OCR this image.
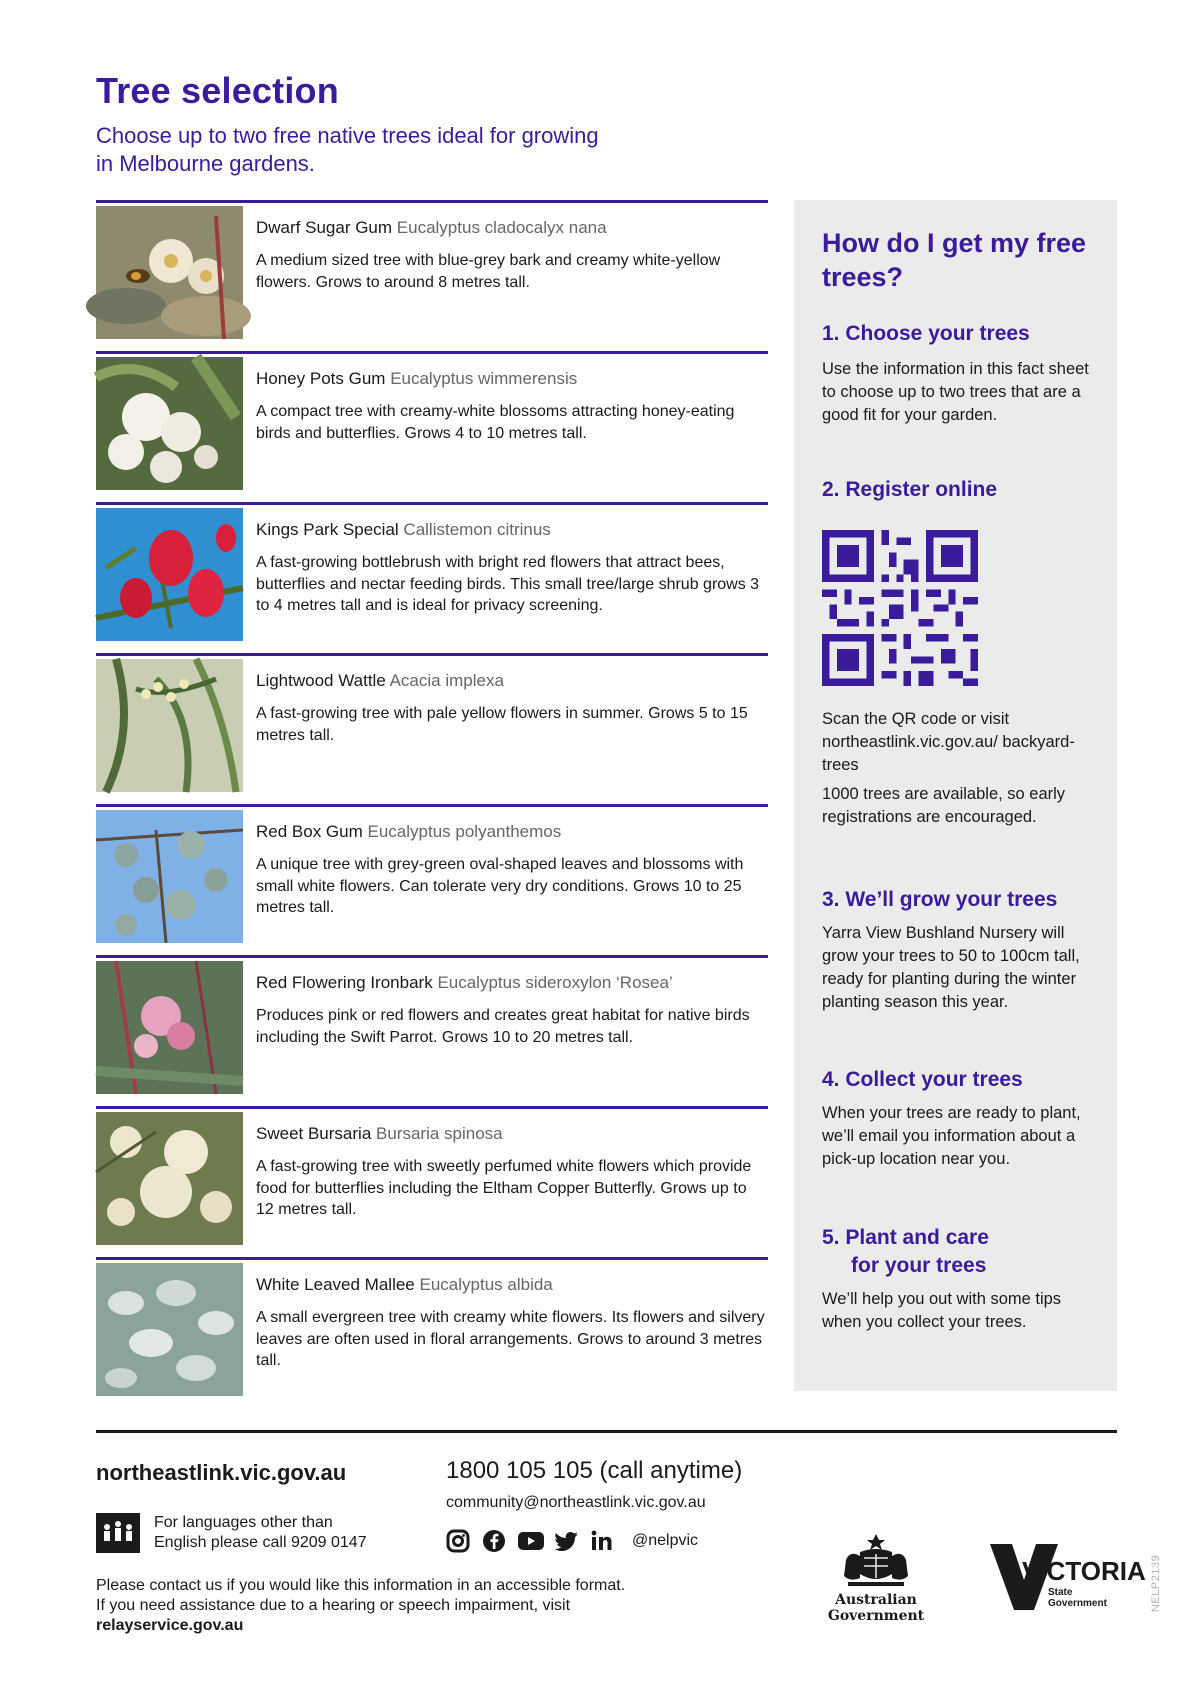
Tree selection

Choose up to two free native trees ideal for growing
in Melbourne gardens.

Dwarf Sugar Gum Eucalyptus cladocalyx nana

A medium sized tree with blue-grey bark and creamy white-yellow flowers. Grows to around 8 metres tall.

Honey Pots Gum Eucalyptus wimmerensis

A compact tree with creamy-white blossoms attracting honey-eating birds and butterflies. Grows 4 to 10 metres tall.

Kings Park Special Callistemon citrinus

A fast-growing bottlebrush with bright red flowers that attract bees, butterflies and nectar feeding birds. This small tree/large shrub grows 3 to 4 metres tall and is ideal for privacy screening.

Lightwood Wattle Acacia implexa

A fast-growing tree with pale yellow flowers in summer. Grows 5 to 15 metres tall.

Red Box Gum Eucalyptus polyanthemos

A unique tree with grey-green oval-shaped leaves and blossoms with small white flowers. Can tolerate very dry conditions. Grows 10 to 25 metres tall.

Red Flowering Ironbark Eucalyptus sideroxylon ‘Rosea’

Produces pink or red flowers and creates great habitat for native birds including the Swift Parrot. Grows 10 to 20 metres tall.

Sweet Bursaria Bursaria spinosa

A fast-growing tree with sweetly perfumed white flowers which provide food for butterflies including the Eltham Copper Butterfly. Grows up to 12 metres tall.

White Leaved Mallee Eucalyptus albida

A small evergreen tree with creamy white flowers. Its flowers and silvery leaves are often used in floral arrangements. Grows to around 3 metres tall.

How do I get my free trees?

1. Choose your trees

Use the information in this fact sheet to choose up to two trees that are a good fit for your garden.

2. Register online

Scan the QR code or visit northeastlink.vic.gov.au/ backyard-trees

1000 trees are available, so early registrations are encouraged.

3. We’ll grow your trees

Yarra View Bushland Nursery will grow your trees to 50 to 100cm tall, ready for planting during the winter planting season this year.

4. Collect your trees

When your trees are ready to plant, we’ll email you information about a pick-up location near you.

5. Plant and care

for your trees

We’ll help you out with some tips when you collect your trees.

northeastlink.vic.gov.au

For languages other than
English please call 9209 0147

1800 105 105 (call anytime)

community@northeastlink.vic.gov.au

@nelpvic

Please contact us if you would like this information in an accessible format.
If you need assistance due to a hearing or speech impairment, visit
relayservice.gov.au

Australian Government
VICTORIA
State
Government	NELP2139
